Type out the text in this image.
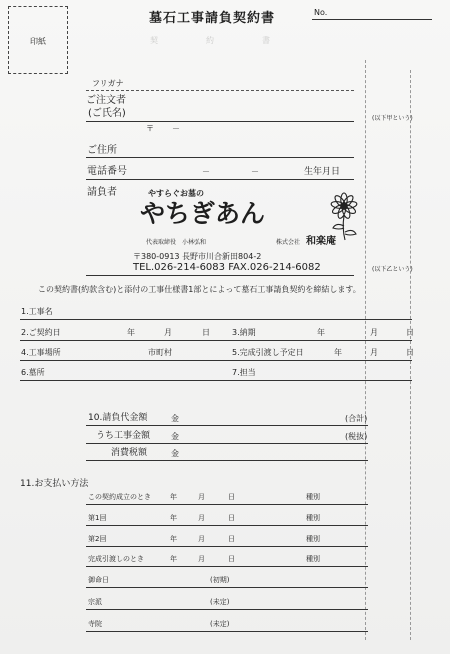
契　約　書
墓石工事請負契約書	No.
印紙
フリガナ
ご注文者
(ご氏名)	(以下甲という)
〒 －
ご住所
電話番号	－	－	生年月日
請負者	やすらぐお墓の
やちぎあん
代表取締役　小林弘和	株式会社 和楽庵
〒380-0913 長野市川合新田804-2
TEL.026-214-6083 FAX.026-214-6082	(以下乙という)
この契約書(約款含む)と添付の工事仕様書1部とによって墓石工事請負契約を締結します。
1.工事名
2.ご契約日	年	月	日	3.納期	年	月	日
4.工事場所	市町村	5.完成引渡し予定日	年	月	日
6.墓所	7.担当
10.請負代金額	金	(合計)
うち工事金額	金	(税抜)
消費税額	金
11.お支払い方法
この契約成立のとき	年	月	日	種別
第1回	年	月	日	種別
第2回	年	月	日	種別
完成引渡しのとき	年	月	日	種別
御命日	(初期)
宗派	(未定)
寺院	(未定)
